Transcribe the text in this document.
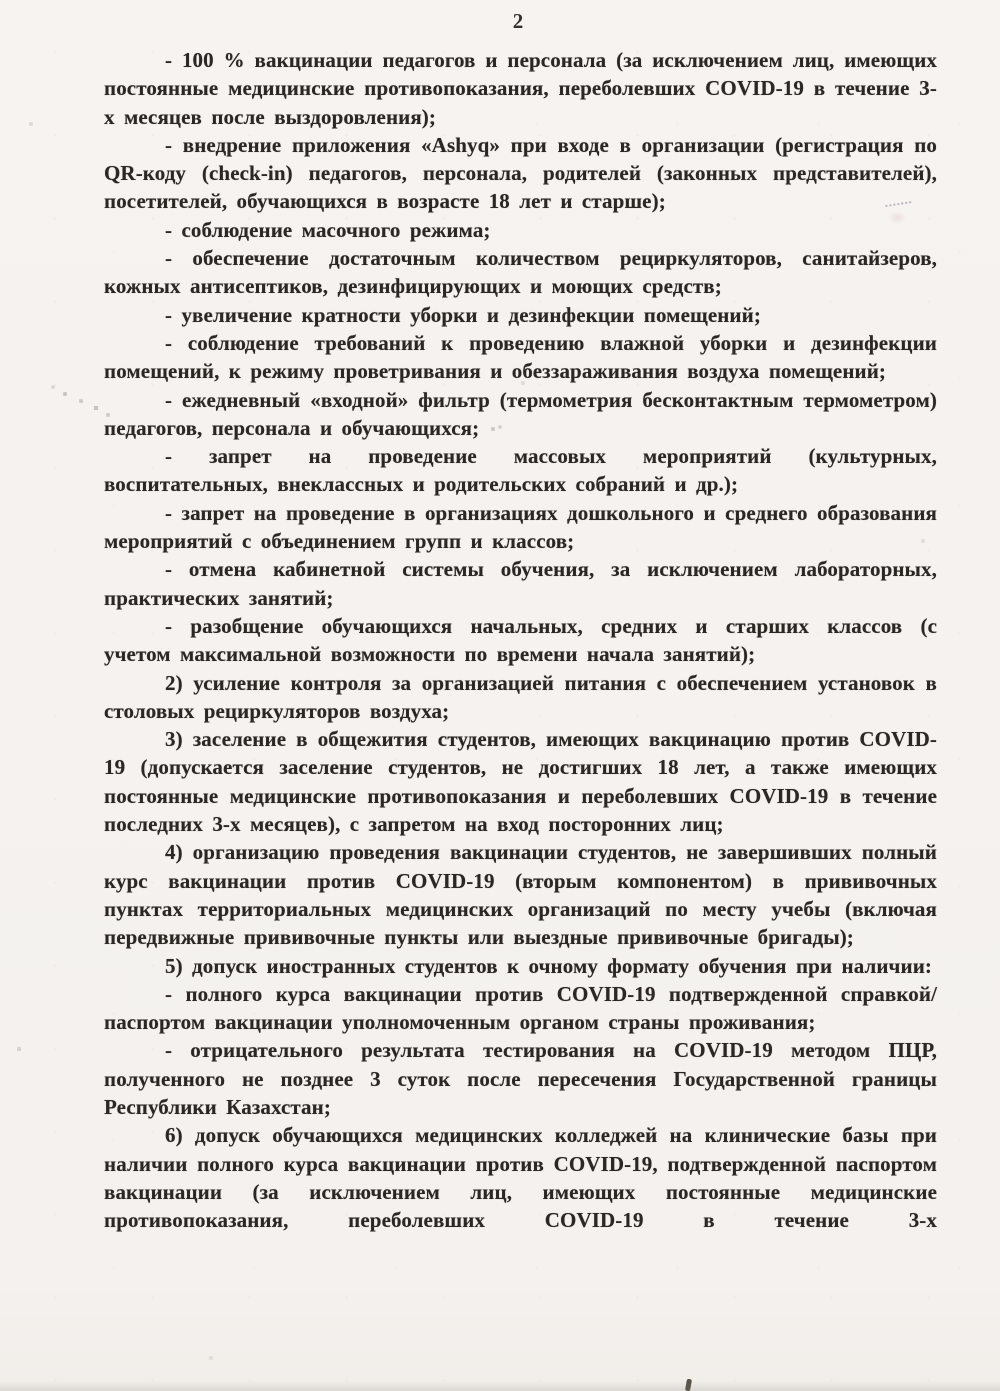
2

- 100 % вакцинации педагогов и персонала (за исключением лиц, имеющих постоянные медицинские противопоказания, переболевших COVID-19 в течение 3-х месяцев после выздоровления);

- внедрение приложения «Ashyq» при входе в организации (регистрация по QR-коду (check-in) педагогов, персонала, родителей (законных представителей), посетителей, обучающихся в возрасте 18 лет и старше);

- соблюдение масочного режима;

- обеспечение достаточным количеством рециркуляторов, санитайзеров, кожных антисептиков, дезинфицирующих и моющих средств;

- увеличение кратности уборки и дезинфекции помещений;

- соблюдение требований к проведению влажной уборки и дезинфекции помещений, к режиму проветривания и обеззараживания воздуха помещений;

- ежедневный «входной» фильтр (термометрия бесконтактным термометром) педагогов, персонала и обучающихся;

- запрет на проведение массовых мероприятий (культурных, воспитательных, внеклассных и родительских собраний и др.);

- запрет на проведение в организациях дошкольного и среднего образования мероприятий с объединением групп и классов;

- отмена кабинетной системы обучения, за исключением лабораторных, практических занятий;

- разобщение обучающихся начальных, средних и старших классов (с учетом максимальной возможности по времени начала занятий);

2) усиление контроля за организацией питания с обеспечением установок в столовых рециркуляторов воздуха;

3) заселение в общежития студентов, имеющих вакцинацию против COVID-19 (допускается заселение студентов, не достигших 18 лет, а также имеющих постоянные медицинские противопоказания и переболевших COVID-19 в течение последних 3-х месяцев), с запретом на вход посторонних лиц;

4) организацию проведения вакцинации студентов, не завершивших полный курс вакцинации против COVID-19 (вторым компонентом) в прививочных пунктах территориальных медицинских организаций по месту учебы (включая передвижные прививочные пункты или выездные прививочные бригады);

5) допуск иностранных студентов к очному формату обучения при наличии:

- полного курса вакцинации против COVID-19 подтвержденной справкой/паспортом вакцинации уполномоченным органом страны проживания;

- отрицательного результата тестирования на COVID-19 методом ПЦР, полученного не позднее 3 суток после пересечения Государственной границы Республики Казахстан;

6) допуск обучающихся медицинских колледжей на клинические базы при наличии полного курса вакцинации против COVID-19, подтвержденной паспортом вакцинации (за исключением лиц, имеющих постоянные медицинские противопоказания, переболевших COVID-19 в течение 3-х
